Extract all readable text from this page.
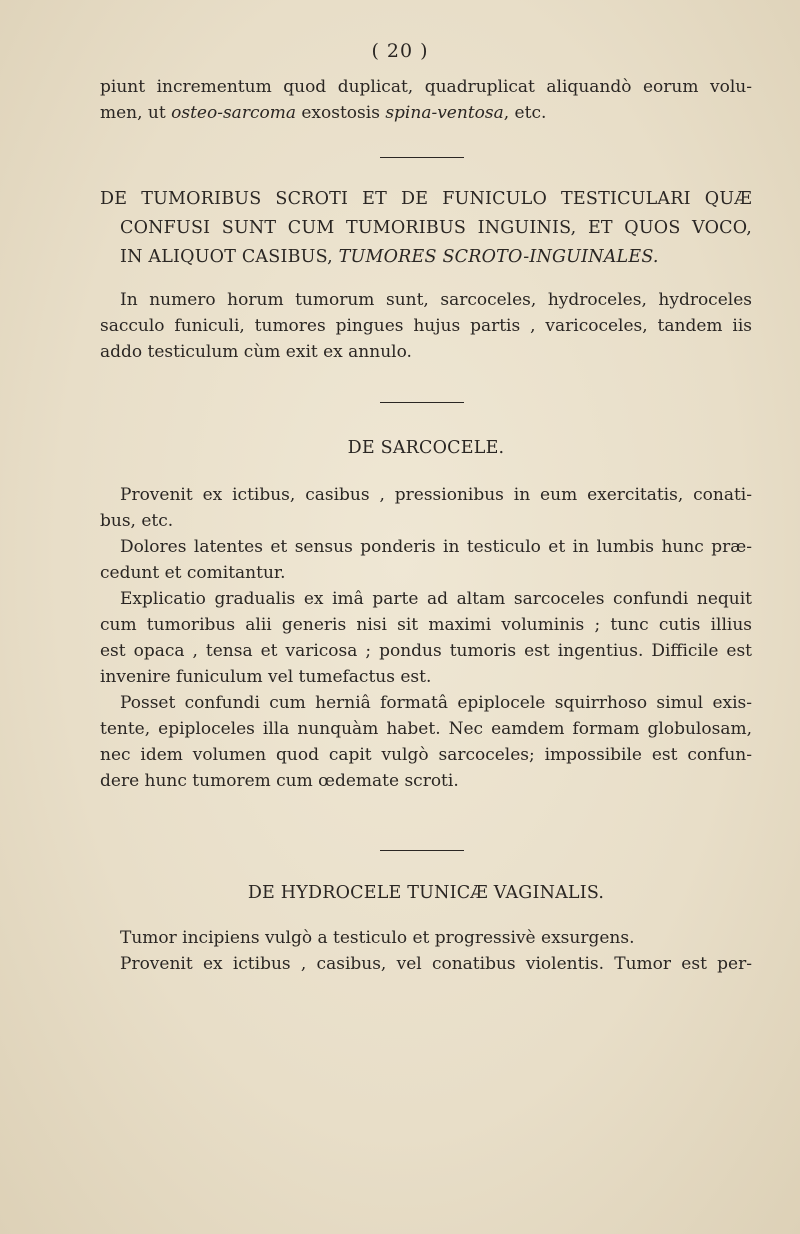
( 20 )
piunt incrementum quod duplicat, quadruplicat aliquandò eorum volu-
men, ut osteo-sarcoma exostosis spina-ventosa, etc.
DE TUMORIBUS SCROTI ET DE FUNICULO TESTICULARI QUÆ
CONFUSI SUNT CUM TUMORIBUS INGUINIS, ET QUOS VOCO,
IN ALIQUOT CASIBUS, TUMORES SCROTO-INGUINALES.
In numero horum tumorum sunt, sarcoceles, hydroceles, hydroceles
sacculo funiculi, tumores pingues hujus partis , varicoceles, tandem iis
addo testiculum cùm exit ex annulo.
DE SARCOCELE.
Provenit ex ictibus, casibus , pressionibus in eum exercitatis, conati-
bus, etc.
Dolores latentes et sensus ponderis in testiculo et in lumbis hunc præ-
cedunt et comitantur.
Explicatio gradualis ex imâ parte ad altam sarcoceles confundi nequit
cum tumoribus alii generis nisi sit maximi voluminis ; tunc cutis illius
est opaca , tensa et varicosa ; pondus tumoris est ingentius. Difficile est
invenire funiculum vel tumefactus est.
Posset confundi cum herniâ formatâ epiplocele squirrhoso simul exis-
tente, epiploceles illa nunquàm habet. Nec eamdem formam globulosam,
nec idem volumen quod capit vulgò sarcoceles; impossibile est confun-
dere hunc tumorem cum œdemate scroti.
DE HYDROCELE TUNICÆ VAGINALIS.
Tumor incipiens vulgò a testiculo et progressivè exsurgens.
Provenit ex ictibus , casibus, vel conatibus violentis. Tumor est per-
